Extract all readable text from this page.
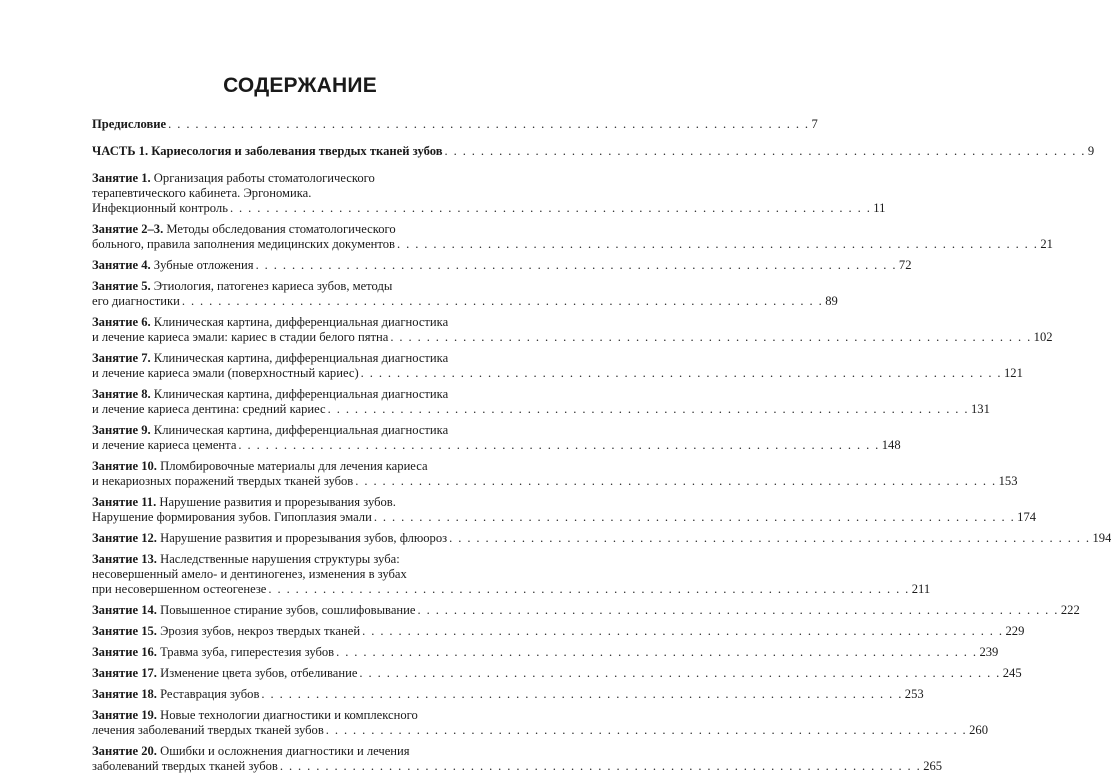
СОДЕРЖАНИЕ
Предисловие . . . . . . . . . . . . . . . . . . . . . . . . . . . . . . . . . . . . . . . . . . . . . . . . . . . . . . . . . . . . . . . . . . . . . . . 7
ЧАСТЬ 1. Кариесология и заболевания твердых тканей зубов . . . . . . . . . . . . . . . . . . . . . . . . . . . . . . . . . . . . . . . . . . . . . . . . . . . . . . . . . . . . . . . . . . . . . . . 9
Занятие 1. Организация работы стоматологического
терапевтического кабинета. Эргономика.
Инфекционный контроль . . . . . . . . . . . . . . . . . . . . . . . . . . . . . . . . . . . . . . . . . . . . . . . . . . . . . . . . . . . . . . . . . . . . . . . 11
Занятие 2–3. Методы обследования стоматологического
больного, правила заполнения медицинских документов . . . . . . . . . . . . . . . . . . . . . . . . . . . . . . . . . . . . . . . . . . . . . . . . . . . . . . . . . . . . . . . . . . . . . . . 21
Занятие 4. Зубные отложения . . . . . . . . . . . . . . . . . . . . . . . . . . . . . . . . . . . . . . . . . . . . . . . . . . . . . . . . . . . . . . . . . . . . . . . 72
Занятие 5. Этиология, патогенез кариеса зубов, методы
его диагностики . . . . . . . . . . . . . . . . . . . . . . . . . . . . . . . . . . . . . . . . . . . . . . . . . . . . . . . . . . . . . . . . . . . . . . . 89
Занятие 6. Клиническая картина, дифференциальная диагностика
и лечение кариеса эмали: кариес в стадии белого пятна . . . . . . . . . . . . . . . . . . . . . . . . . . . . . . . . . . . . . . . . . . . . . . . . . . . . . . . . . . . . . . . . . . . . . . . 102
Занятие 7. Клиническая картина, дифференциальная диагностика
и лечение кариеса эмали (поверхностный кариес) . . . . . . . . . . . . . . . . . . . . . . . . . . . . . . . . . . . . . . . . . . . . . . . . . . . . . . . . . . . . . . . . . . . . . . . 121
Занятие 8. Клиническая картина, дифференциальная диагностика
и лечение кариеса дентина: средний кариес . . . . . . . . . . . . . . . . . . . . . . . . . . . . . . . . . . . . . . . . . . . . . . . . . . . . . . . . . . . . . . . . . . . . . . . 131
Занятие 9. Клиническая картина, дифференциальная диагностика
и лечение кариеса цемента . . . . . . . . . . . . . . . . . . . . . . . . . . . . . . . . . . . . . . . . . . . . . . . . . . . . . . . . . . . . . . . . . . . . . . . 148
Занятие 10. Пломбировочные материалы для лечения кариеса
и некариозных поражений твердых тканей зубов . . . . . . . . . . . . . . . . . . . . . . . . . . . . . . . . . . . . . . . . . . . . . . . . . . . . . . . . . . . . . . . . . . . . . . . 153
Занятие 11. Нарушение развития и прорезывания зубов.
Нарушение формирования зубов. Гипоплазия эмали . . . . . . . . . . . . . . . . . . . . . . . . . . . . . . . . . . . . . . . . . . . . . . . . . . . . . . . . . . . . . . . . . . . . . . . 174
Занятие 12. Нарушение развития и прорезывания зубов, флюороз . . . . . . . . . . . . . . . . . . . . . . . . . . . . . . . . . . . . . . . . . . . . . . . . . . . . . . . . . . . . . . . . . . . . . . . 194
Занятие 13. Наследственные нарушения структуры зуба:
несовершенный амело- и дентиногенез, изменения в зубах
при несовершенном остеогенезе . . . . . . . . . . . . . . . . . . . . . . . . . . . . . . . . . . . . . . . . . . . . . . . . . . . . . . . . . . . . . . . . . . . . . . . 211
Занятие 14. Повышенное стирание зубов, сошлифовывание . . . . . . . . . . . . . . . . . . . . . . . . . . . . . . . . . . . . . . . . . . . . . . . . . . . . . . . . . . . . . . . . . . . . . . . 222
Занятие 15. Эрозия зубов, некроз твердых тканей . . . . . . . . . . . . . . . . . . . . . . . . . . . . . . . . . . . . . . . . . . . . . . . . . . . . . . . . . . . . . . . . . . . . . . . 229
Занятие 16. Травма зуба, гиперестезия зубов . . . . . . . . . . . . . . . . . . . . . . . . . . . . . . . . . . . . . . . . . . . . . . . . . . . . . . . . . . . . . . . . . . . . . . . 239
Занятие 17. Изменение цвета зубов, отбеливание . . . . . . . . . . . . . . . . . . . . . . . . . . . . . . . . . . . . . . . . . . . . . . . . . . . . . . . . . . . . . . . . . . . . . . . 245
Занятие 18. Реставрация зубов . . . . . . . . . . . . . . . . . . . . . . . . . . . . . . . . . . . . . . . . . . . . . . . . . . . . . . . . . . . . . . . . . . . . . . . 253
Занятие 19. Новые технологии диагностики и комплексного
лечения заболеваний твердых тканей зубов . . . . . . . . . . . . . . . . . . . . . . . . . . . . . . . . . . . . . . . . . . . . . . . . . . . . . . . . . . . . . . . . . . . . . . . 260
Занятие 20. Ошибки и осложнения диагностики и лечения
заболеваний твердых тканей зубов . . . . . . . . . . . . . . . . . . . . . . . . . . . . . . . . . . . . . . . . . . . . . . . . . . . . . . . . . . . . . . . . . . . . . . . 265
